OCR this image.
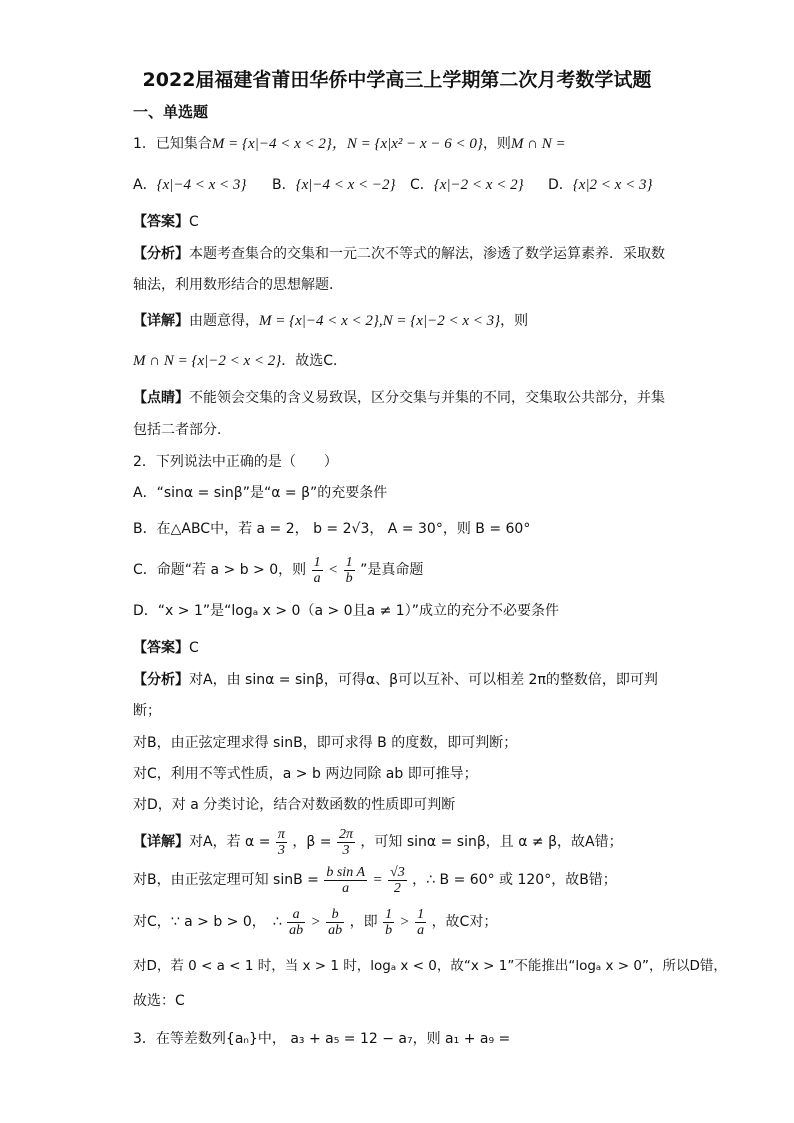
2022届福建省莆田华侨中学高三上学期第二次月考数学试题
一、单选题
1．已知集合M = {x|−4 < x < 2}，N = {x|x² − x − 6 < 0}，则M ∩ N =
A．{x|−4 < x < 3} B．{x|−4 < x < −2} C．{x|−2 < x < 2} D．{x|2 < x < 3}
【答案】C
【分析】本题考查集合的交集和一元二次不等式的解法，渗透了数学运算素养．采取数
轴法，利用数形结合的思想解题．
【详解】由题意得，M = {x|−4 < x < 2},N = {x|−2 < x < 3}，则
M ∩ N = {x|−2 < x < 2}．故选C．
【点睛】不能领会交集的含义易致误，区分交集与并集的不同，交集取公共部分，并集
包括二者部分．
2．下列说法中正确的是（　　）
A．“sinα = sinβ”是“α = β”的充要条件
B．在△ABC中，若 a = 2， b = 2√3， A = 30°，则 B = 60°
C．命题“若 a > b > 0，则 $\frac{1}{a} < \frac{1}{b}$ ”是真命题
D．“x > 1”是“logₐ x > 0（a > 0且a ≠ 1）”成立的充分不必要条件
【答案】C
【分析】对A，由 sinα = sinβ，可得α、β可以互补、可以相差 2π的整数倍，即可判
断；
对B，由正弦定理求得 sinB，即可求得 B 的度数，即可判断；
对C，利用不等式性质，a > b 两边同除 ab 即可推导；
对D，对 a 分类讨论，结合对数函数的性质即可判断
【详解】对A，若 $\alpha = \frac{\pi}{3}$ ，$\beta = \frac{2\pi}{3}$ ，可知 sinα = sinβ，且 α ≠ β，故A错；
对B，由正弦定理可知 $\sin B = \frac{\text{b sin A}}{a} = \frac{√3}{2}$ ，∴ B = 60° 或 120°，故B错；
对C，∵ a > b > 0，　∴ $\frac{a}{ab} > \frac{b}{ab}$ ，即 $\frac{1}{b} > \frac{1}{a}$ ，故C对；
对D，若 0 < a < 1 时，当 x > 1 时，logₐ x < 0，故“x > 1”不能推出“logₐ x > 0”，所以D错，
故选：C
3．在等差数列{aₙ}中， a₃ + a₅ = 12 − a₇，则 a₁ + a₉ =
